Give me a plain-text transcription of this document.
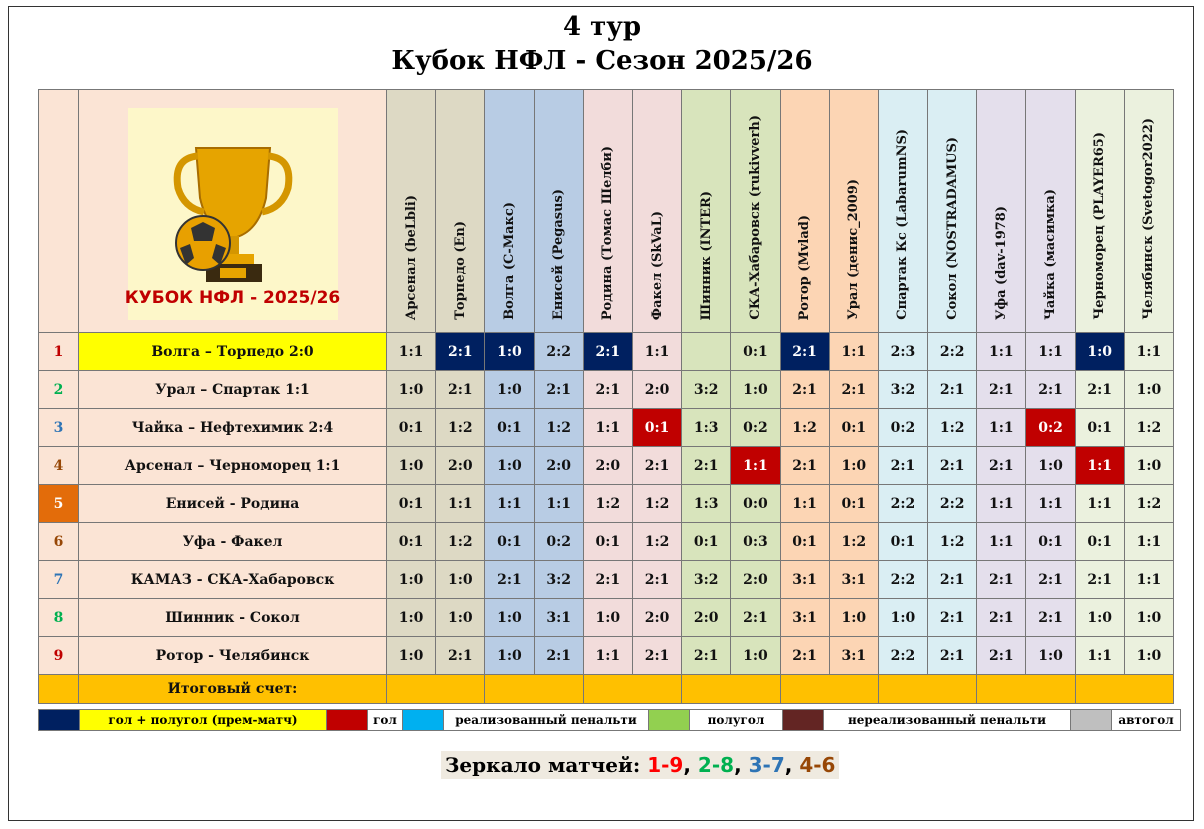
4 тур
Кубок НФЛ - Сезон 2025/26

	КУБОК НФЛ - 2025/26	Арсенал (beLbli)	Торпедо (En)	Волга (С-Макс)	Енисей (Pegasus)	Родина (Томас Шелби)	Факел (SkVaL)	Шинник (INTER)	СКА-Хабаровск (rukivverh)	Ротор (Mvlad)	Урал (денис_2009)	Спартак Кс (LabarumNS)	Сокол (NOSTRADAMUS)	Уфа (dav-1978)	Чайка (масимка)	Черноморец (PLAYER65)	Челябинск (Svetogor2022)
1	Волга – Торпедо 2:0	1:1	2:1	1:0	2:2	2:1	1:1		0:1	2:1	1:1	2:3	2:2	1:1	1:1	1:0	1:1
2	Урал – Спартак 1:1	1:0	2:1	1:0	2:1	2:1	2:0	3:2	1:0	2:1	2:1	3:2	2:1	2:1	2:1	2:1	1:0
3	Чайка – Нефтехимик 2:4	0:1	1:2	0:1	1:2	1:1	0:1	1:3	0:2	1:2	0:1	0:2	1:2	1:1	0:2	0:1	1:2
4	Арсенал – Черноморец 1:1	1:0	2:0	1:0	2:0	2:0	2:1	2:1	1:1	2:1	1:0	2:1	2:1	2:1	1:0	1:1	1:0
5	Енисей - Родина	0:1	1:1	1:1	1:1	1:2	1:2	1:3	0:0	1:1	0:1	2:2	2:2	1:1	1:1	1:1	1:2
6	Уфа - Факел	0:1	1:2	0:1	0:2	0:1	1:2	0:1	0:3	0:1	1:2	0:1	1:2	1:1	0:1	0:1	1:1
7	КАМАЗ - СКА-Хабаровск	1:0	1:0	2:1	3:2	2:1	2:1	3:2	2:0	3:1	3:1	2:2	2:1	2:1	2:1	2:1	1:1
8	Шинник - Сокол	1:0	1:0	1:0	3:1	1:0	2:0	2:0	2:1	3:1	1:0	1:0	2:1	2:1	2:1	1:0	1:0
9	Ротор - Челябинск	1:0	2:1	1:0	2:1	1:1	2:1	2:1	1:0	2:1	3:1	2:2	2:1	2:1	1:0	1:1	1:0
	Итоговый счет:																
	гол + полугол (прем-матч)		гол		реализованный пенальти		полугол		нереализованный пенальти		автогол
Зеркало матчей: 1-9, 2-8, 3-7, 4-6
